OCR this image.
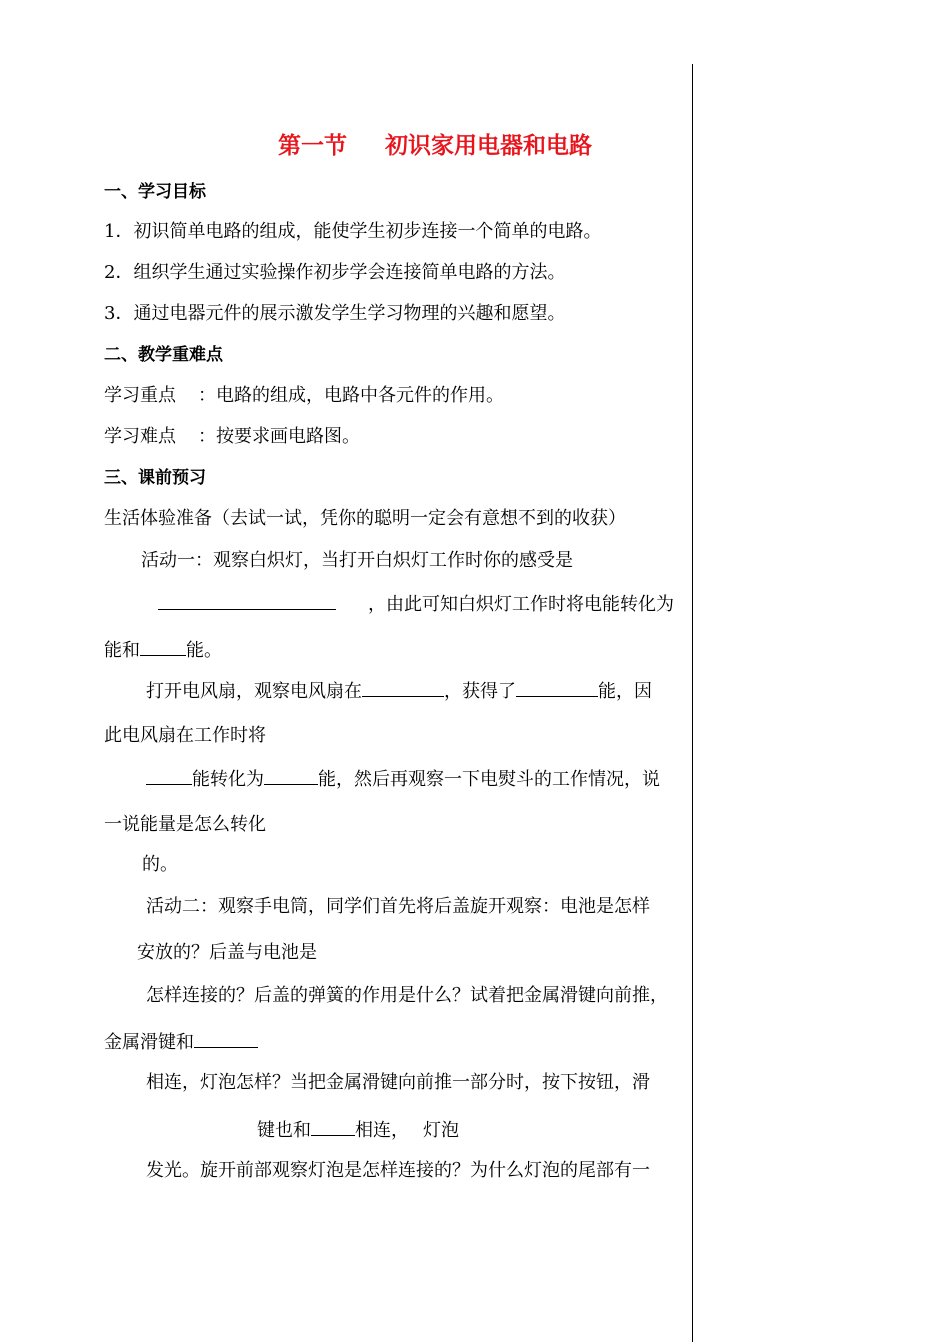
第一节 初识家用电器和电路
一、学习目标
1．初识简单电路的组成，能使学生初步连接一个简单的电路。
2．组织学生通过实验操作初步学会连接简单电路的方法。
3．通过电器元件的展示激发学生学习物理的兴趣和愿望。
二、教学重难点
学习重点 ：电路的组成，电路中各元件的作用。
学习难点 ：按要求画电路图。
三、课前预习
生活体验准备（去试一试，凭你的聪明一定会有意想不到的收获）
活动一：观察白炽灯，当打开白炽灯工作时你的感受是
，由此可知白炽灯工作时将电能转化为
能和	能。
打开电风扇，观察电风扇在	，获得了	能，因
此电风扇在工作时将
能转化为	能，然后再观察一下电熨斗的工作情况，说
一说能量是怎么转化
的。
活动二：观察手电筒，同学们首先将后盖旋开观察：电池是怎样
安放的？后盖与电池是
怎样连接的？后盖的弹簧的作用是什么？试着把金属滑键向前推，
金属滑键和
相连，灯泡怎样？当把金属滑键向前推一部分时，按下按钮，滑
键也和 相连， 灯泡
发光。旋开前部观察灯泡是怎样连接的？为什么灯泡的尾部有一
